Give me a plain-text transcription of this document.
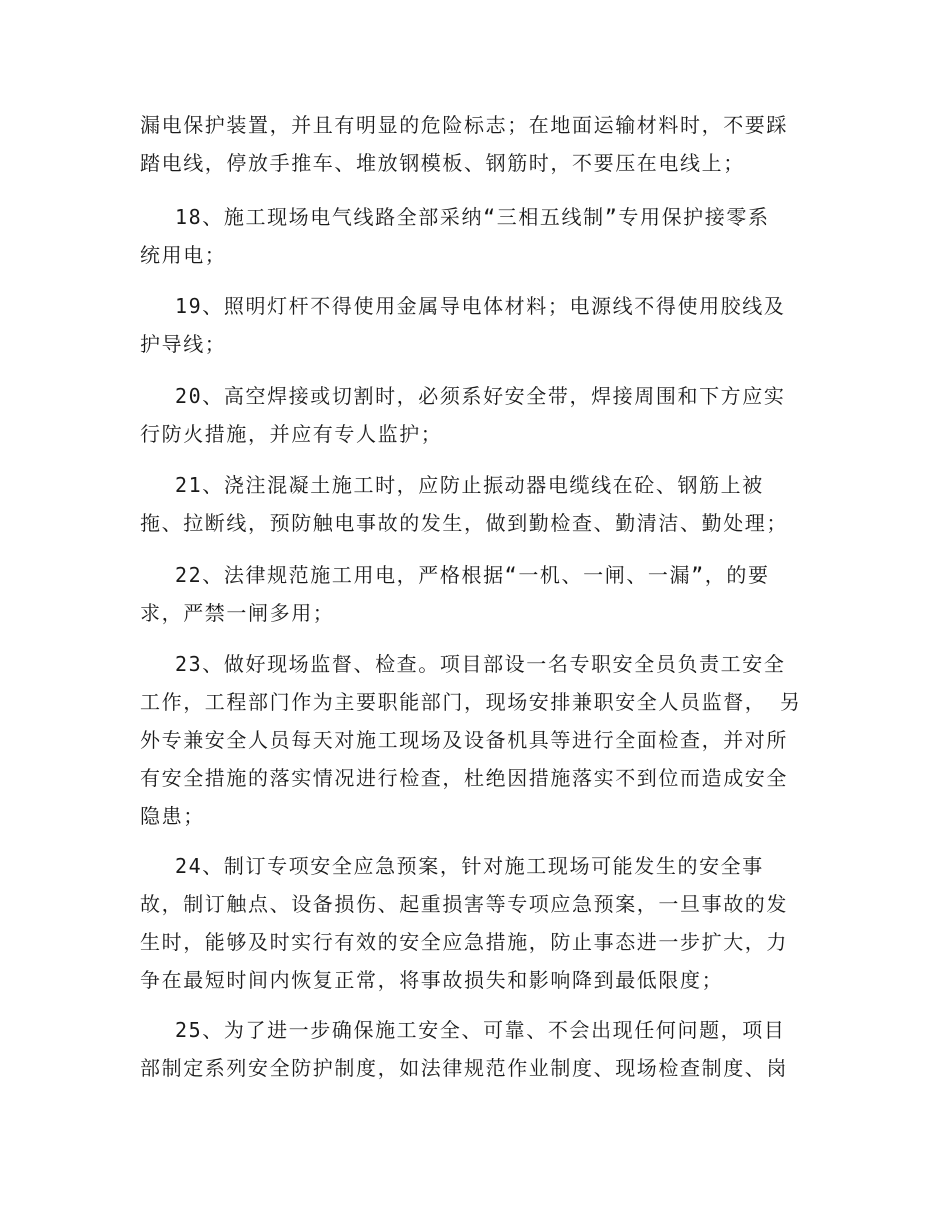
漏电保护装置，并且有明显的危险标志；在地面运输材料时，不要踩
踏电线，停放手推车、堆放钢模板、钢筋时，不要压在电线上；

18、施工现场电气线路全部采纳“三相五线制”专用保护接零系
统用电；

19、照明灯杆不得使用金属导电体材料；电源线不得使用胶线及
护导线；

20、高空焊接或切割时，必须系好安全带，焊接周围和下方应实
行防火措施，并应有专人监护；

21、浇注混凝土施工时，应防止振动器电缆线在砼、钢筋上被
拖、拉断线，预防触电事故的发生，做到勤检查、勤清洁、勤处理；

22、法律规范施工用电，严格根据“一机、一闸、一漏”，的要
求，严禁一闸多用；

23、做好现场监督、检查。项目部设一名专职安全员负责工安全
工作，工程部门作为主要职能部门，现场安排兼职安全人员监督， 另
外专兼安全人员每天对施工现场及设备机具等进行全面检查，并对所
有安全措施的落实情况进行检查，杜绝因措施落实不到位而造成安全
隐患；

24、制订专项安全应急预案，针对施工现场可能发生的安全事
故，制订触点、设备损伤、起重损害等专项应急预案，一旦事故的发
生时，能够及时实行有效的安全应急措施，防止事态进一步扩大，力
争在最短时间内恢复正常，将事故损失和影响降到最低限度；

25、为了进一步确保施工安全、可靠、不会出现任何问题，项目
部制定系列安全防护制度，如法律规范作业制度、现场检查制度、岗
